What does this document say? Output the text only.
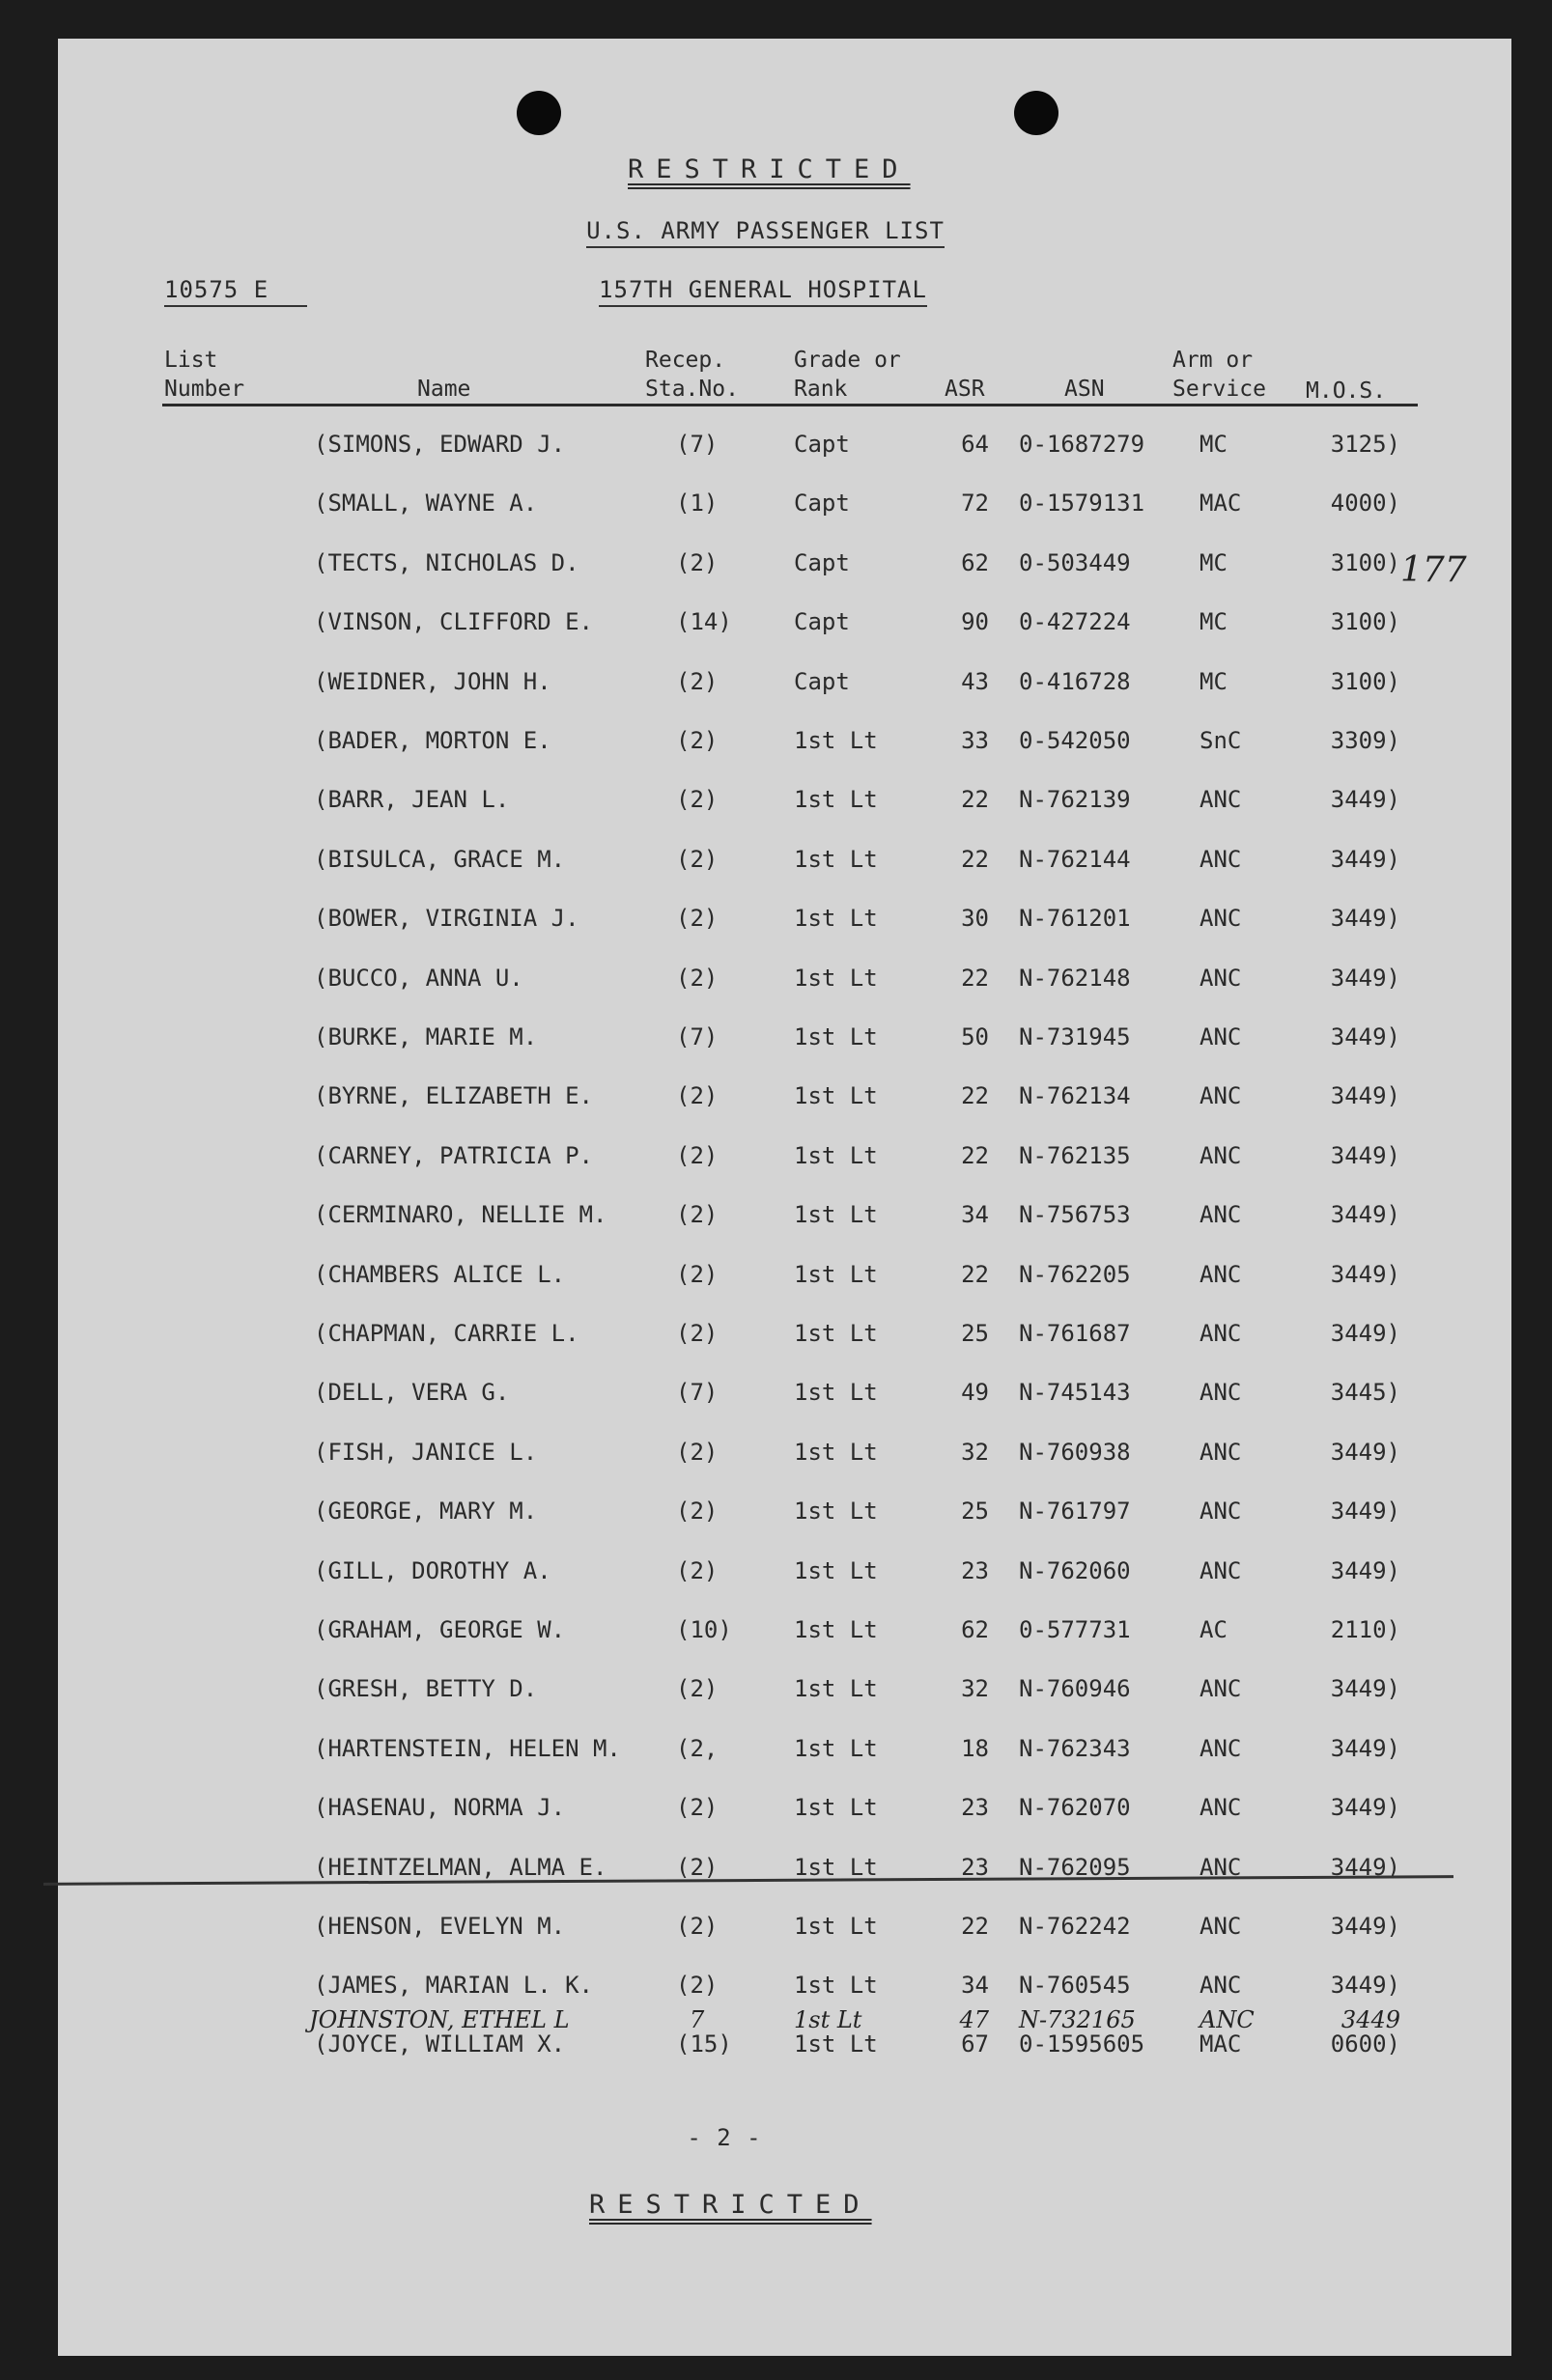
RESTRICTED
U.S. ARMY PASSENGER LIST
10575 E	157TH GENERAL HOSPITAL
177
List
Number	Name
Recep.
Sta.No.
Grade or
Rank	ASR	ASN
Arm or
Service M.O.S.
(SIMONS, EDWARD J.	(7)	Capt	64 0-1687279 MC	3125)
(SMALL, WAYNE A.	(1)	Capt	72 0-1579131 MAC	4000)
(TECTS, NICHOLAS D.	(2)	Capt	62 0-503449	MC	3100)
(VINSON, CLIFFORD E.	(14)	Capt	90 0-427224	MC	3100)
(WEIDNER, JOHN H.	(2)	Capt	43 0-416728	MC	3100)
(BADER, MORTON E.	(2)	1st Lt	33 0-542050	SnC	3309)
(BARR, JEAN L.	(2)	1st Lt	22 N-762139	ANC	3449)
(BISULCA, GRACE M.	(2)	1st Lt	22 N-762144	ANC	3449)
(BOWER, VIRGINIA J.	(2)	1st Lt	30 N-761201	ANC	3449)
(BUCCO, ANNA U.	(2)	1st Lt	22 N-762148	ANC	3449)
(BURKE, MARIE M.	(7)	1st Lt	50 N-731945	ANC	3449)
(BYRNE, ELIZABETH E.	(2)	1st Lt	22 N-762134	ANC	3449)
(CARNEY, PATRICIA P.	(2)	1st Lt	22 N-762135	ANC	3449)
(CERMINARO, NELLIE M.	(2)	1st Lt	34 N-756753	ANC	3449)
(CHAMBERS ALICE L.	(2)	1st Lt	22 N-762205	ANC	3449)
(CHAPMAN, CARRIE L.	(2)	1st Lt	25 N-761687	ANC	3449)
(DELL, VERA G.	(7)	1st Lt	49 N-745143	ANC	3445)
(FISH, JANICE L.	(2)	1st Lt	32 N-760938	ANC	3449)
(GEORGE, MARY M.	(2)	1st Lt	25 N-761797	ANC	3449)
(GILL, DOROTHY A.	(2)	1st Lt	23 N-762060	ANC	3449)
(GRAHAM, GEORGE W.	(10)	1st Lt	62 0-577731	AC	2110)
(GRESH, BETTY D.	(2)	1st Lt	32 N-760946	ANC	3449)
(HARTENSTEIN, HELEN M. (2,	1st Lt	18 N-762343	ANC	3449)
(HASENAU, NORMA J.	(2)	1st Lt	23 N-762070	ANC	3449)
(HEINTZELMAN, ALMA E.	(2)	1st Lt	23 N-762095	ANC	3449)
(HENSON, EVELYN M.	(2)	1st Lt	22 N-762242	ANC	3449)
(JAMES, MARIAN L. K.	(2)	1st Lt	34 N-760545	ANC	3449)
JOHNSTON, ETHEL L	7	1st Lt	47 N-732165	ANC	3449
(JOYCE, WILLIAM X.	(15)	1st Lt	67 0-1595605 MAC	0600)
- 2 -
RESTRICTED
